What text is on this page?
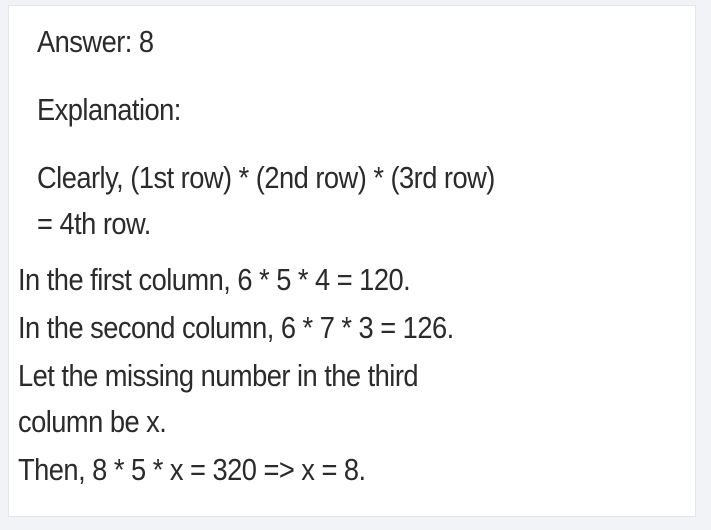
Answer: 8

Explanation:

Clearly, (1st row) * (2nd row) * (3rd row)

= 4th row.

In the first column, 6 * 5 * 4 = 120.

In the second column, 6 * 7 * 3 = 126.

Let the missing number in the third

column be x.

Then, 8 * 5 * x = 320 => x = 8.
